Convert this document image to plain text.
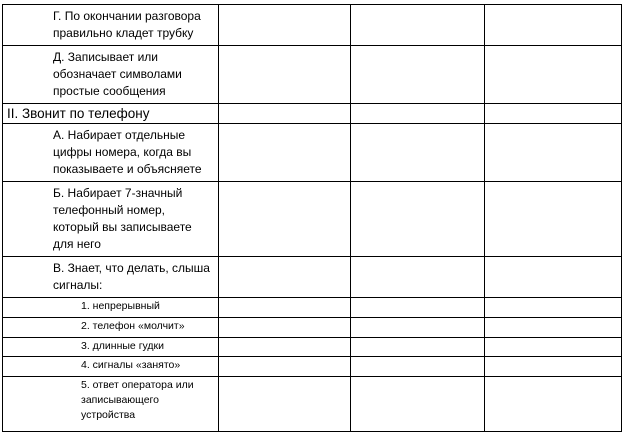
Г. По окончании разговора
правильно кладет трубку			

Д. Записывает или
обозначает символами
простые сообщения			

II. Звонит по телефону			

А. Набирает отдельные
цифры номера, когда вы
показываете и объясняете			

Б. Набирает 7-значный
телефонный номер,
который вы записываете
для него			

В. Знает, что делать, слыша
сигналы:			

1. непрерывный			

2. телефон «молчит»			

3. длинные гудки			

4. сигналы «занято»			

5. ответ оператора или
записывающего
устройства			
